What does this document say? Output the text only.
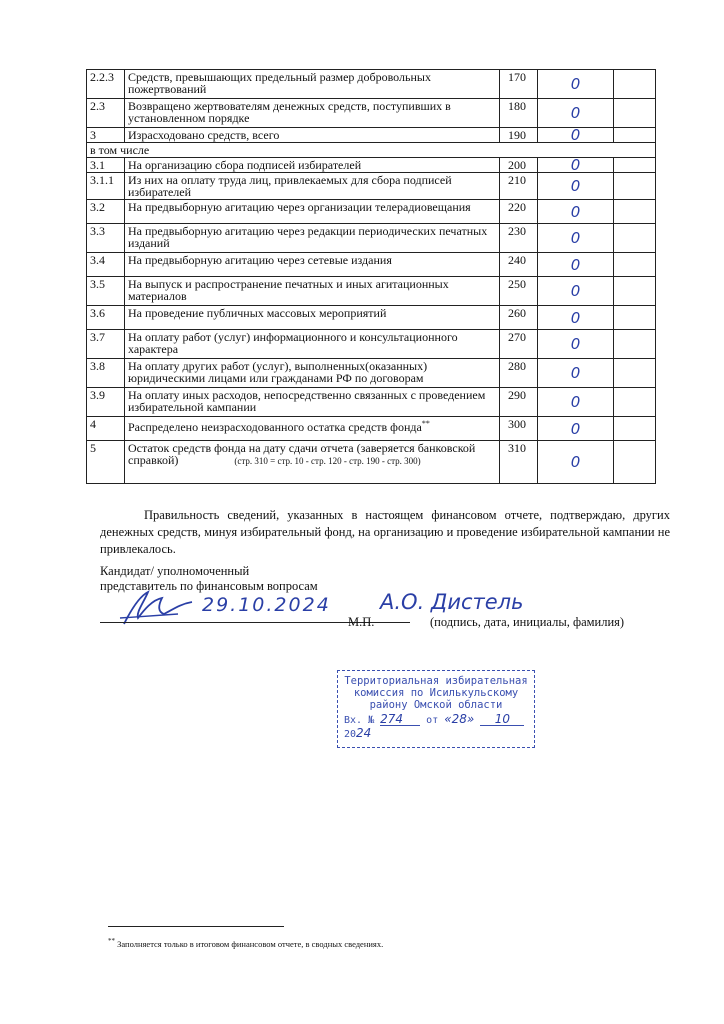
2.2.3	Средств, превышающих предельный размер добровольных пожертвований	170	0	
2.3	Возвращено жертвователям денежных средств, поступивших в установленном порядке	180	0	
3	Израсходовано средств, всего	190	0	
в том числе				
3.1	На организацию сбора подписей избирателей	200	0	
3.1.1	Из них на оплату труда лиц, привлекаемых для сбора подписей избирателей	210	0	
3.2	На предвыборную агитацию через организации телерадиовещания	220	0	
3.3	На предвыборную агитацию через редакции периодических печатных изданий	230	0	
3.4	На предвыборную агитацию через сетевые издания	240	0	
3.5	На выпуск и распространение печатных и иных агитационных материалов	250	0	
3.6	На проведение публичных массовых мероприятий	260	0	
3.7	На оплату работ (услуг) информационного и консультационного характера	270	0	
3.8	На оплату других работ (услуг), выполненных(оказанных) юридическими лицами или гражданами РФ по договорам	280	0	
3.9	На оплату иных расходов, непосредственно связанных с проведением избирательной кампании	290	0	
4	Распределено неизрасходованного остатка средств фонда**	300	0	
5	Остаток средств фонда на дату сдачи отчета (заверяется банковской справкой) (стр. 310 = стр. 10 - стр. 120 - стр. 190 - стр. 300)	310	0	
Правильность сведений, указанных в настоящем финансовом отчете, подтверждаю, других денежных средств, минуя избирательный фонд, на организацию и проведение избирательной кампании не привлекалось.
Кандидат/ уполномоченный
представитель по финансовым вопросам
29.10.2024 А.О. Дистель
М.П.	(подпись, дата, инициалы, фамилия)
Территориальная избирательная
комиссия по Исилькульскому
району Омской области
Вх. № 274 от «28» 10 2024
** Заполняется только в итоговом финансовом отчете, в сводных сведениях.
